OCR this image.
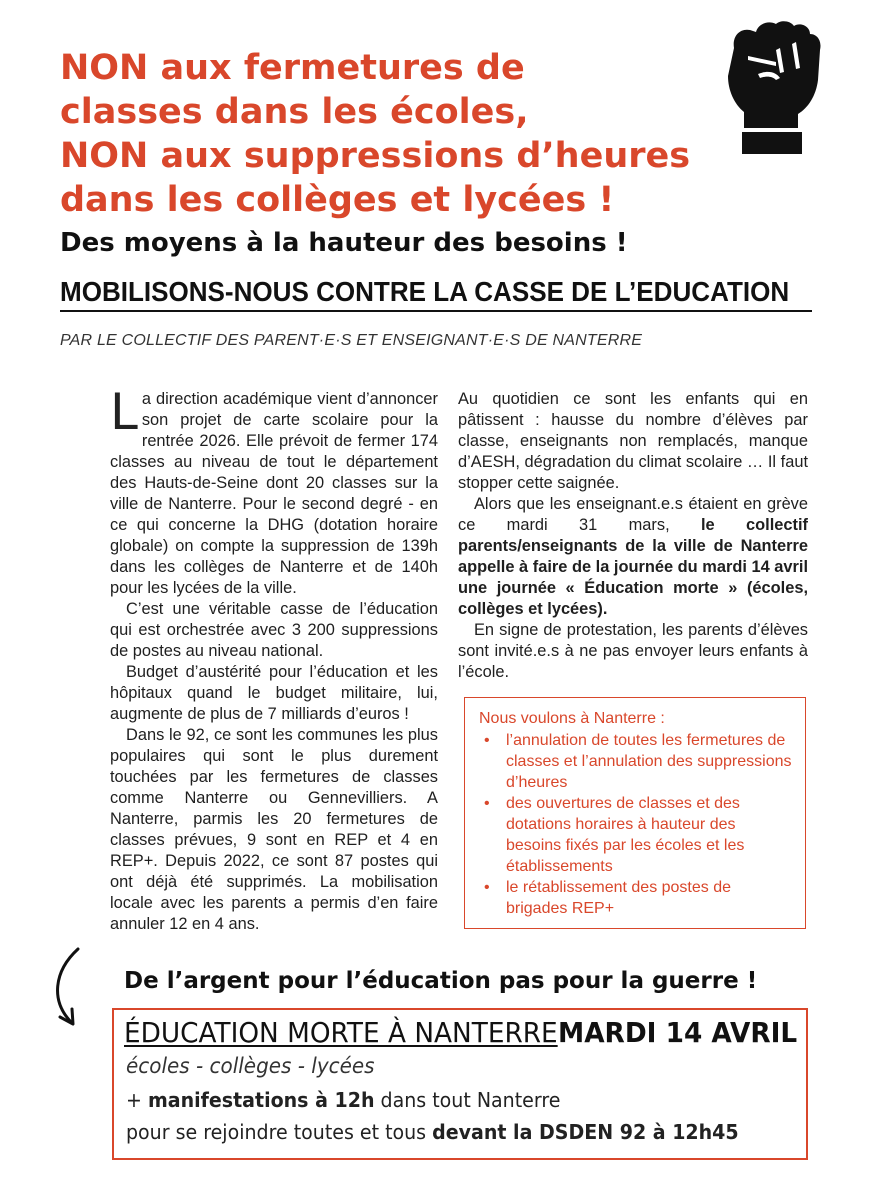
NON aux fermetures de
classes dans les écoles,
NON aux suppressions d’heures
dans les collèges et lycées !
Des moyens à la hauteur des besoins !
MOBILISONS-NOUS CONTRE LA CASSE DE L’EDUCATION
PAR LE COLLECTIF DES PARENT·E·S ET ENSEIGNANT·E·S DE NANTERRE

La direction académique vient d’annoncer son projet de carte scolaire pour la rentrée 2026. Elle prévoit de fermer 174 classes au niveau de tout le département des Hauts-de-Seine dont 20 classes sur la ville de Nanterre. Pour le second degré - en ce qui concerne la DHG (dotation horaire globale) on compte la suppression de 139h dans les collèges de Nanterre et de 140h pour les lycées de la ville.

C’est une véritable casse de l’éducation qui est orchestrée avec 3 200 suppressions de postes au niveau national.

Budget d’austérité pour l’éducation et les hôpitaux quand le budget militaire, lui, augmente de plus de 7 milliards d’euros !

Dans le 92, ce sont les communes les plus populaires qui sont le plus durement touchées par les fermetures de classes comme Nanterre ou Gennevilliers. A Nanterre, parmis les 20 fermetures de classes prévues, 9 sont en REP et 4 en REP+. Depuis 2022, ce sont 87 postes qui ont déjà été supprimés. La mobilisation locale avec les parents a permis d’en faire annuler 12 en 4 ans.

Au quotidien ce sont les enfants qui en pâtissent : hausse du nombre d’élèves par classe, enseignants non remplacés, manque d’AESH, dégradation du climat scolaire … Il faut stopper cette saignée.

Alors que les enseignant.e.s étaient en grève ce mardi 31 mars, le collectif parents/enseignants de la ville de Nanterre appelle à faire de la journée du mardi 14 avril une journée « Éducation morte » (écoles, collèges et lycées).

En signe de protestation, les parents d’élèves sont invité.e.s à ne pas envoyer leurs enfants à l’école.

Nous voulons à Nanterre :
• l’annulation de toutes les fermetures de classes et l’annulation des suppressions d’heures
• des ouvertures de classes et des dotations horaires à hauteur des besoins fixés par les écoles et les établissements
• le rétablissement des postes de brigades REP+
De l’argent pour l’éducation pas pour la guerre !
ÉDUCATION MORTE À NANTERRE MARDI 14 AVRIL
écoles - collèges - lycées
+ manifestations à 12h dans tout Nanterre
pour se rejoindre toutes et tous devant la DSDEN 92 à 12h45
